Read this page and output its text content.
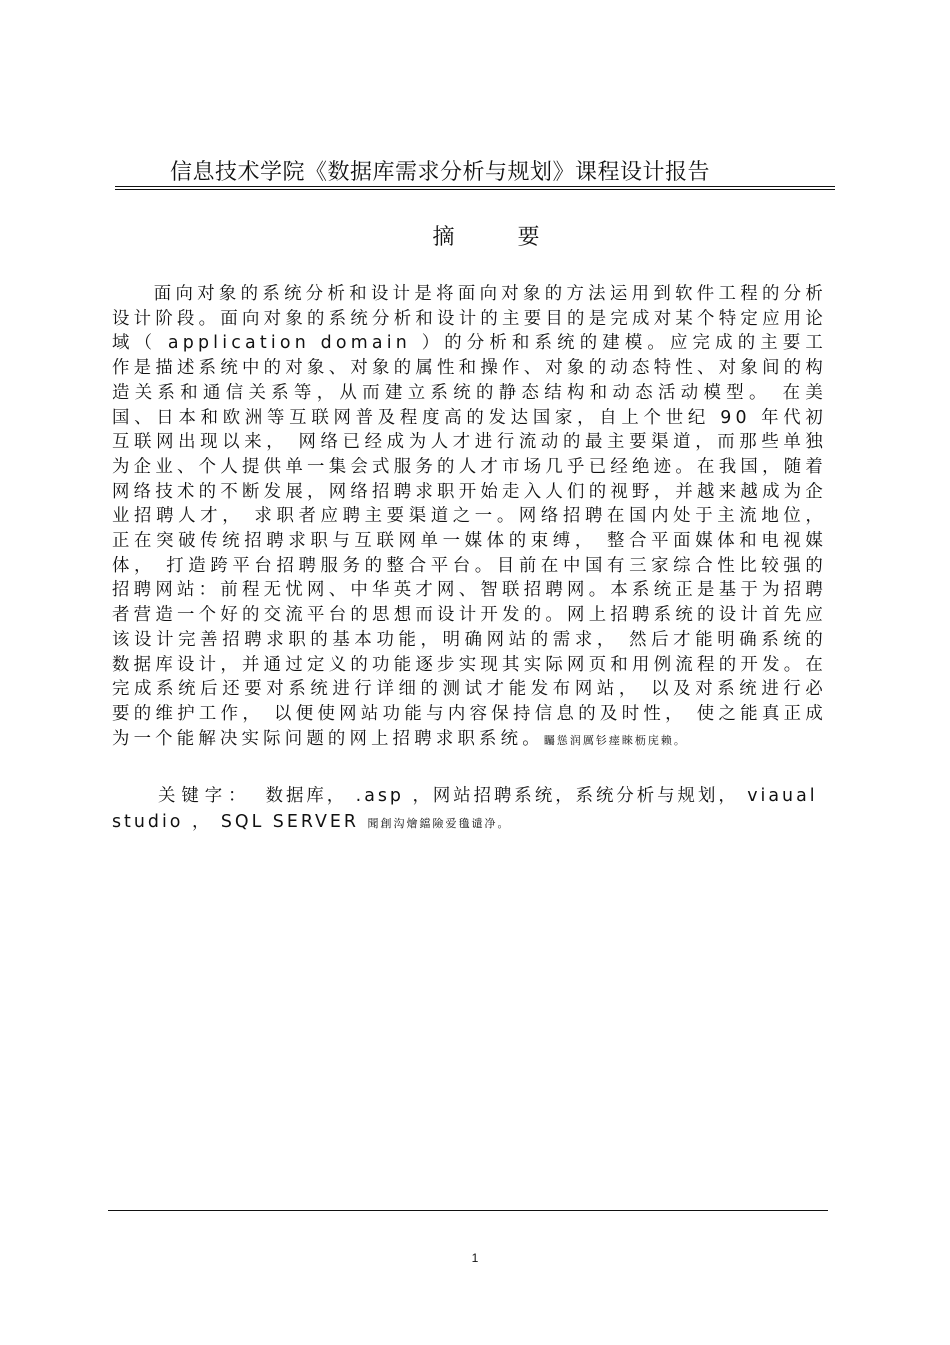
信息技术学院《数据库需求分析与规划》课程设计报告
摘 要

面向对象的系统分析和设计是将面向对象的方法运用到软件工程的分析设计阶段。面向对象的系统分析和设计的主要目的是完成对某个特定应用论域（ application domain ）的分析和系统的建模。应完成的主要工作是描述系统中的对象、对象的属性和操作、对象的动态特性、对象间的构造关系和通信关系等，从而建立系统的静态结构和动态活动模型。 在美国、日本和欧洲等互联网普及程度高的发达国家，自上个世纪 90 年代初互联网出现以来， 网络已经成为人才进行流动的最主要渠道，而那些单独为企业、个人提供单一集会式服务的人才市场几乎已经绝迹。在我国，随着网络技术的不断发展，网络招聘求职开始走入人们的视野，并越来越成为企业招聘人才， 求职者应聘主要渠道之一。网络招聘在国内处于主流地位， 正在突破传统招聘求职与互联网单一媒体的束缚， 整合平面媒体和电视媒体， 打造跨平台招聘服务的整合平台。目前在中国有三家综合性比较强的招聘网站：前程无忧网、中华英才网、智联招聘网。本系统正是基于为招聘者营造一个好的交流平台的思想而设计开发的。网上招聘系统的设计首先应该设计完善招聘求职的基本功能，明确网站的需求， 然后才能明确系统的数据库设计，并通过定义的功能逐步实现其实际网页和用例流程的开发。在完成系统后还要对系统进行详细的测试才能发布网站， 以及对系统进行必要的维护工作， 以便使网站功能与内容保持信息的及时性， 使之能真正成为一个能解决实际问题的网上招聘求职系统。矚慫润厲钐瘗睞枥庑赖。

关键字： 数据库， .asp ，网站招聘系统，系统分析与规划， viaual
studio ， SQL SERVER 聞創沟燴鐺險爱氇谴净。
1
